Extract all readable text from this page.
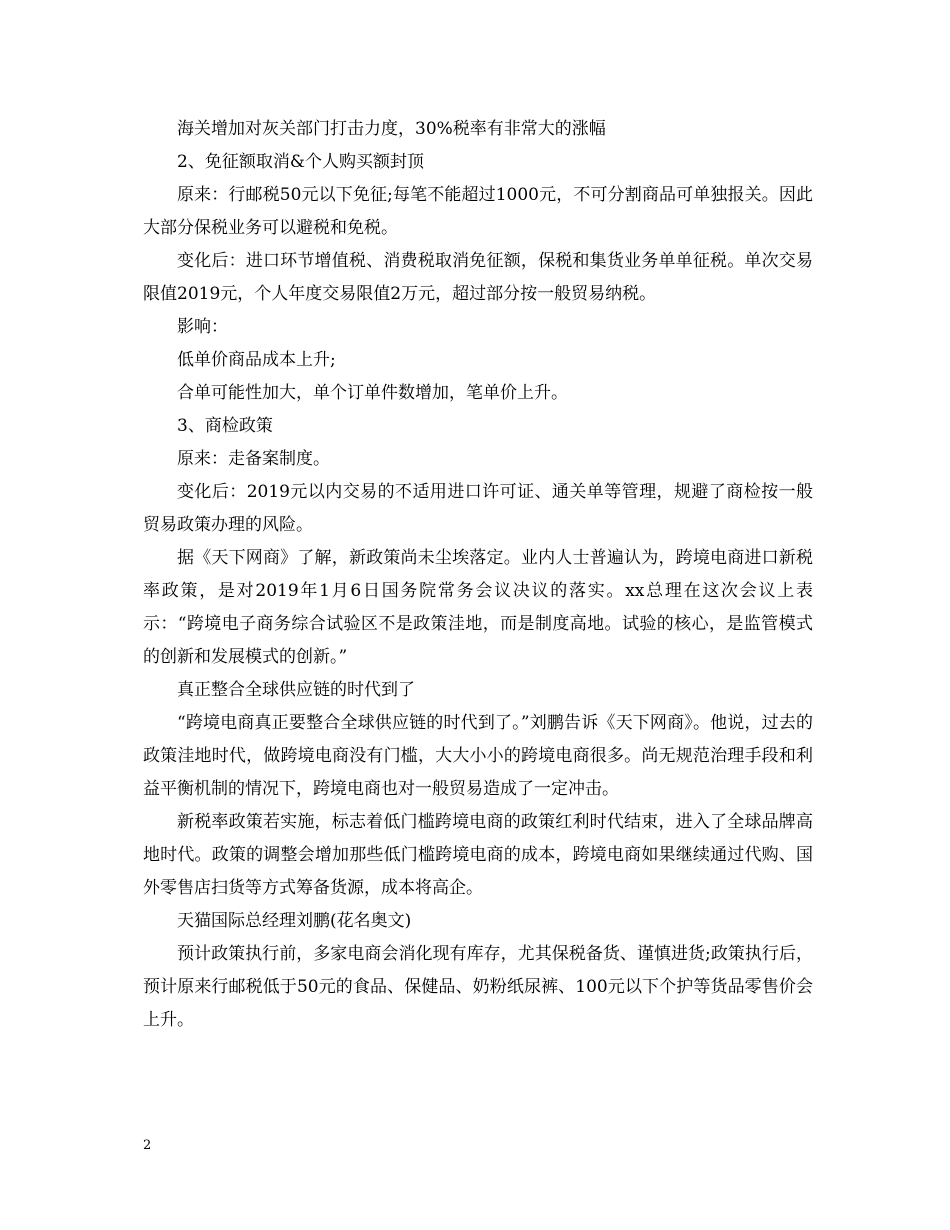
海关增加对灰关部门打击力度，30%税率有非常大的涨幅

2、免征额取消&个人购买额封顶

原来：行邮税50元以下免征;每笔不能超过1000元，不可分割商品可单独报关。因此大部分保税业务可以避税和免税。

变化后：进口环节增值税、消费税取消免征额，保税和集货业务单单征税。单次交易限值2019元，个人年度交易限值2万元，超过部分按一般贸易纳税。

影响：

低单价商品成本上升;

合单可能性加大，单个订单件数增加，笔单价上升。

3、商检政策

原来：走备案制度。

变化后：2019元以内交易的不适用进口许可证、通关单等管理，规避了商检按一般贸易政策办理的风险。

据《天下网商》了解，新政策尚未尘埃落定。业内人士普遍认为，跨境电商进口新税率政策，是对2019年1月6日国务院常务会议决议的落实。xx总理在这次会议上表示：“跨境电子商务综合试验区不是政策洼地，而是制度高地。试验的核心，是监管模式的创新和发展模式的创新。”

真正整合全球供应链的时代到了

“跨境电商真正要整合全球供应链的时代到了。”刘鹏告诉《天下网商》。他说，过去的政策洼地时代，做跨境电商没有门槛，大大小小的跨境电商很多。尚无规范治理手段和利益平衡机制的情况下，跨境电商也对一般贸易造成了一定冲击。

新税率政策若实施，标志着低门槛跨境电商的政策红利时代结束，进入了全球品牌高地时代。政策的调整会增加那些低门槛跨境电商的成本，跨境电商如果继续通过代购、国外零售店扫货等方式筹备货源，成本将高企。

天猫国际总经理刘鹏(花名奥文)

预计政策执行前，多家电商会消化现有库存，尤其保税备货、谨慎进货;政策执行后，预计原来行邮税低于50元的食品、保健品、奶粉纸尿裤、100元以下个护等货品零售价会上升。

2
